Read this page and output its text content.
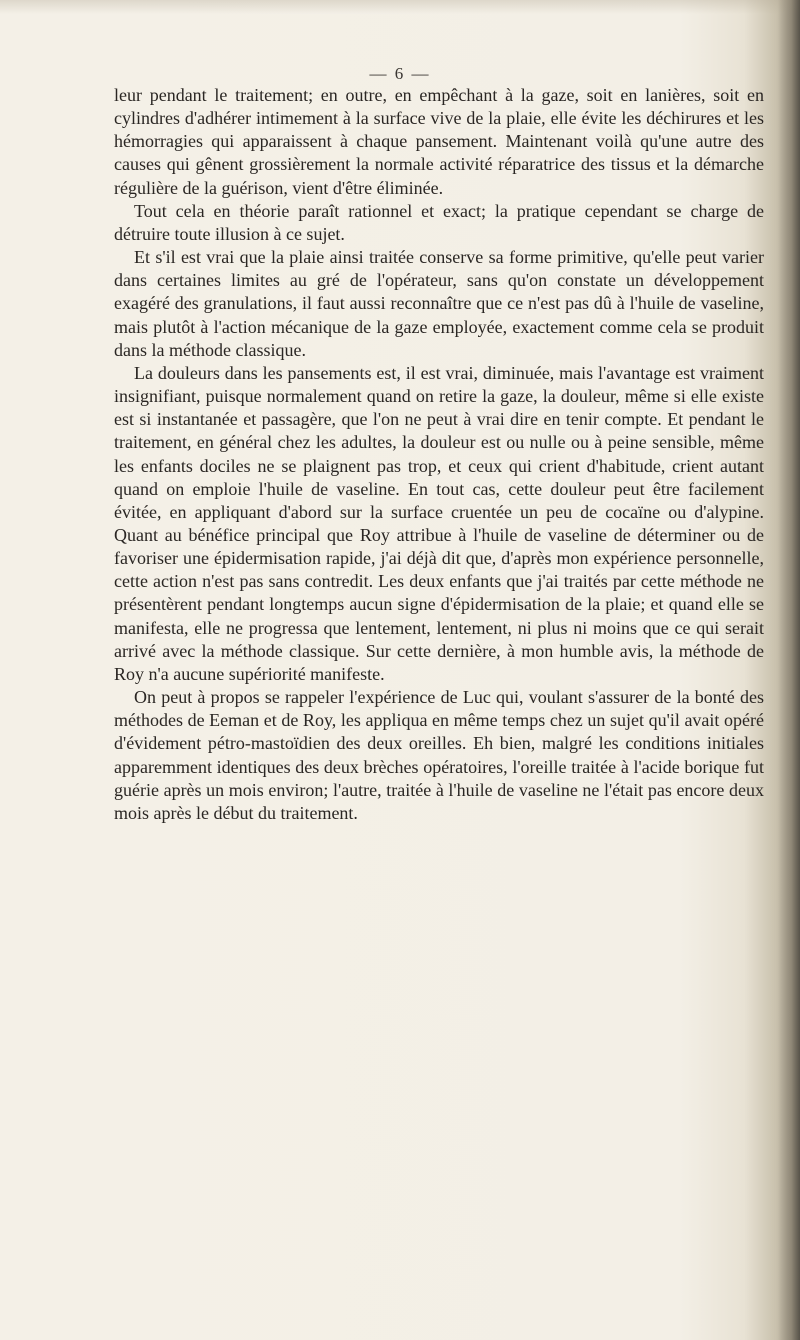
— 6 —

leur pendant le traitement; en outre, en empêchant à la gaze, soit en lanières, soit en cylindres d'adhérer intimement à la surface vive de la plaie, elle évite les déchirures et les hémorragies qui apparaissent à chaque pansement. Maintenant voilà qu'une autre des causes qui gênent grossièrement la normale activité réparatrice des tissus et la démarche régulière de la guérison, vient d'être éliminée.

Tout cela en théorie paraît rationnel et exact; la pratique cependant se charge de détruire toute illusion à ce sujet.

Et s'il est vrai que la plaie ainsi traitée conserve sa forme primitive, qu'elle peut varier dans certaines limites au gré de l'opérateur, sans qu'on constate un développement exagéré des granulations, il faut aussi reconnaître que ce n'est pas dû à l'huile de vaseline, mais plutôt à l'action mécanique de la gaze employée, exactement comme cela se produit dans la méthode classique.

La douleurs dans les pansements est, il est vrai, diminuée, mais l'avantage est vraiment insignifiant, puisque normalement quand on retire la gaze, la douleur, même si elle existe est si instantanée et passagère, que l'on ne peut à vrai dire en tenir compte. Et pendant le traitement, en général chez les adultes, la douleur est ou nulle ou à peine sensible, même les enfants dociles ne se plaignent pas trop, et ceux qui crient d'habitude, crient autant quand on emploie l'huile de vaseline. En tout cas, cette douleur peut être facilement évitée, en appliquant d'abord sur la surface cruentée un peu de cocaïne ou d'alypine. Quant au bénéfice principal que Roy attribue à l'huile de vaseline de déterminer ou de favoriser une épidermisation rapide, j'ai déjà dit que, d'après mon expérience personnelle, cette action n'est pas sans contredit. Les deux enfants que j'ai traités par cette méthode ne présentèrent pendant longtemps aucun signe d'épidermisation de la plaie; et quand elle se manifesta, elle ne progressa que lentement, lentement, ni plus ni moins que ce qui serait arrivé avec la méthode classique. Sur cette dernière, à mon humble avis, la méthode de Roy n'a aucune supériorité manifeste.

On peut à propos se rappeler l'expérience de Luc qui, voulant s'assurer de la bonté des méthodes de Eeman et de Roy, les appliqua en même temps chez un sujet qu'il avait opéré d'évidement pétro-mastoïdien des deux oreilles. Eh bien, malgré les conditions initiales apparemment identiques des deux brèches opératoires, l'oreille traitée à l'acide borique fut guérie après un mois environ; l'autre, traitée à l'huile de vaseline ne l'était pas encore deux mois après le début du traitement.
